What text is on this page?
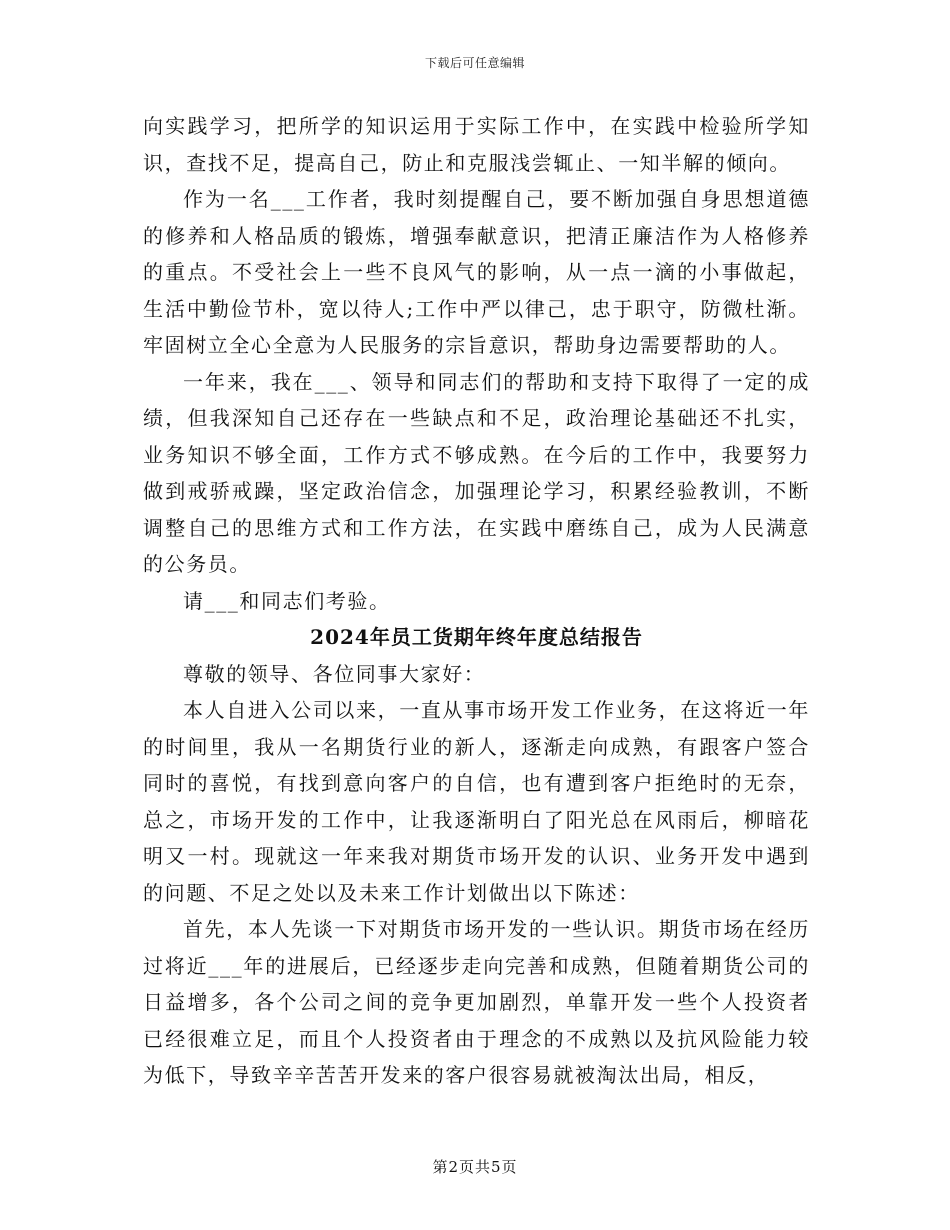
下载后可任意编辑

向实践学习，把所学的知识运用于实际工作中，在实践中检验所学知识，查找不足，提高自己，防止和克服浅尝辄止、一知半解的倾向。

作为一名___工作者，我时刻提醒自己，要不断加强自身思想道德的修养和人格品质的锻炼，增强奉献意识，把清正廉洁作为人格修养的重点。不受社会上一些不良风气的影响，从一点一滴的小事做起，生活中勤俭节朴，宽以待人;工作中严以律己，忠于职守，防微杜渐。牢固树立全心全意为人民服务的宗旨意识，帮助身边需要帮助的人。

一年来，我在___、领导和同志们的帮助和支持下取得了一定的成绩，但我深知自己还存在一些缺点和不足，政治理论基础还不扎实，业务知识不够全面，工作方式不够成熟。在今后的工作中，我要努力做到戒骄戒躁，坚定政治信念，加强理论学习，积累经验教训，不断调整自己的思维方式和工作方法，在实践中磨练自己，成为人民满意的公务员。

请___和同志们考验。

2024年员工货期年终年度总结报告

尊敬的领导、各位同事大家好：

本人自进入公司以来，一直从事市场开发工作业务，在这将近一年的时间里，我从一名期货行业的新人，逐渐走向成熟，有跟客户签合同时的喜悦，有找到意向客户的自信，也有遭到客户拒绝时的无奈，总之，市场开发的工作中，让我逐渐明白了阳光总在风雨后，柳暗花明又一村。现就这一年来我对期货市场开发的认识、业务开发中遇到的问题、不足之处以及未来工作计划做出以下陈述：

首先，本人先谈一下对期货市场开发的一些认识。期货市场在经历过将近___年的进展后，已经逐步走向完善和成熟，但随着期货公司的日益增多，各个公司之间的竞争更加剧烈，单靠开发一些个人投资者已经很难立足，而且个人投资者由于理念的不成熟以及抗风险能力较为低下，导致辛辛苦苦开发来的客户很容易就被淘汰出局，相反，

第2页共5页
